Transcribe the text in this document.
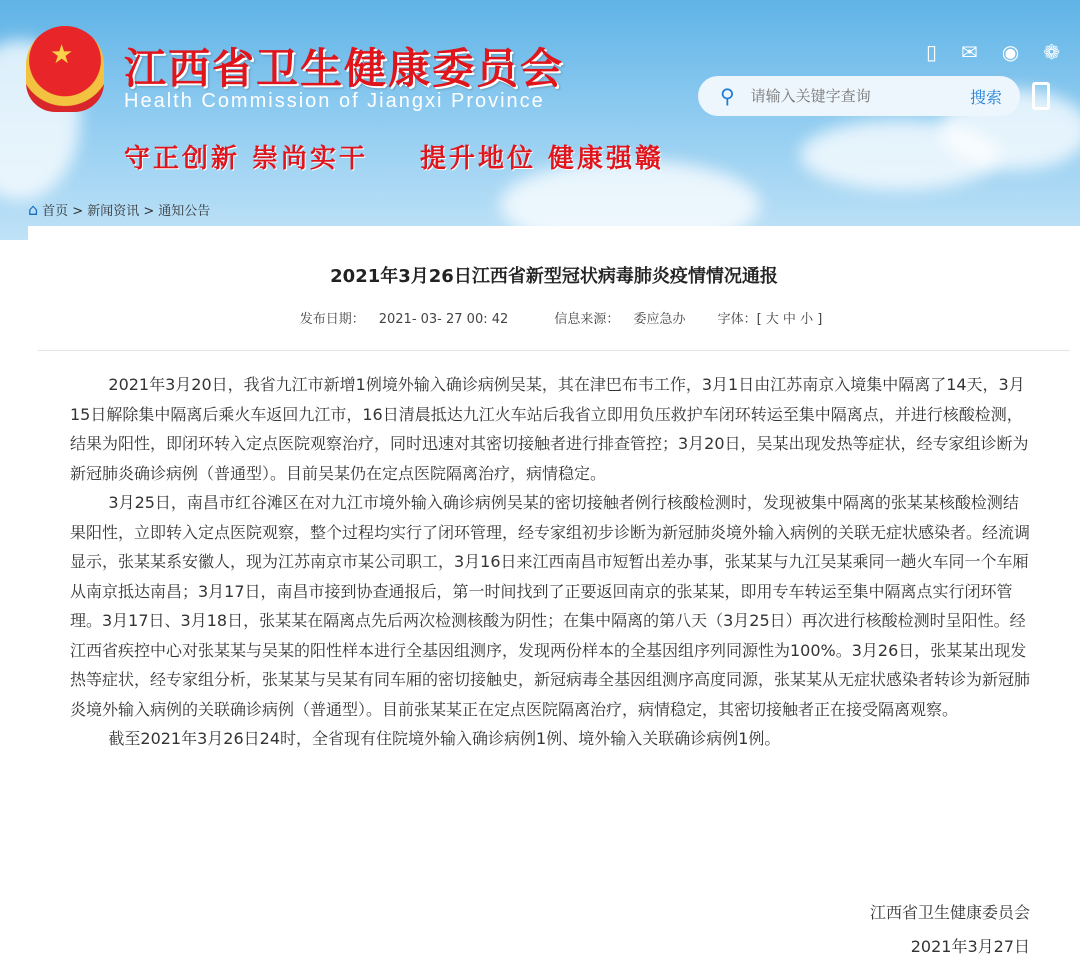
★ 江西省卫生健康委员会
Health Commission of Jiangxi Province
守正创新 崇尚实干 提升地位 健康强赣
▯ ✉ ◉ ❁
⚲
请输入关键字查询	搜索
⌂ 首页 > 新闻资讯 > 通知公告
2021年3月26日江西省新型冠状病毒肺炎疫情情况通报
发布日期： 2021- 03- 27 00: 42	信息来源： 委应急办 字体：[ 大 中 小 ]

2021年3月20日，我省九江市新增1例境外输入确诊病例吴某，其在津巴布韦工作，3月1日由江苏南京入境集中隔离了14天，3月15日解除集中隔离后乘火车返回九江市，16日清晨抵达九江火车站后我省立即用负压救护车闭环转运至集中隔离点，并进行核酸检测，结果为阳性，即闭环转入定点医院观察治疗，同时迅速对其密切接触者进行排查管控；3月20日，吴某出现发热等症状，经专家组诊断为新冠肺炎确诊病例（普通型）。目前吴某仍在定点医院隔离治疗，病情稳定。

3月25日，南昌市红谷滩区在对九江市境外输入确诊病例吴某的密切接触者例行核酸检测时，发现被集中隔离的张某某核酸检测结果阳性，立即转入定点医院观察，整个过程均实行了闭环管理，经专家组初步诊断为新冠肺炎境外输入病例的关联无症状感染者。经流调显示，张某某系安徽人，现为江苏南京市某公司职工，3月16日来江西南昌市短暂出差办事，张某某与九江吴某乘同一趟火车同一个车厢从南京抵达南昌；3月17日，南昌市接到协查通报后，第一时间找到了正要返回南京的张某某，即用专车转运至集中隔离点实行闭环管理。3月17日、3月18日，张某某在隔离点先后两次检测核酸为阴性；在集中隔离的第八天（3月25日）再次进行核酸检测时呈阳性。经江西省疾控中心对张某某与吴某的阳性样本进行全基因组测序，发现两份样本的全基因组序列同源性为100%。3月26日，张某某出现发热等症状，经专家组分析，张某某与吴某有同车厢的密切接触史，新冠病毒全基因组测序高度同源，张某某从无症状感染者转诊为新冠肺炎境外输入病例的关联确诊病例（普通型）。目前张某某正在定点医院隔离治疗，病情稳定，其密切接触者正在接受隔离观察。

截至2021年3月26日24时，全省现有住院境外输入确诊病例1例、境外输入关联确诊病例1例。

江西省卫生健康委员会
2021年3月27日
